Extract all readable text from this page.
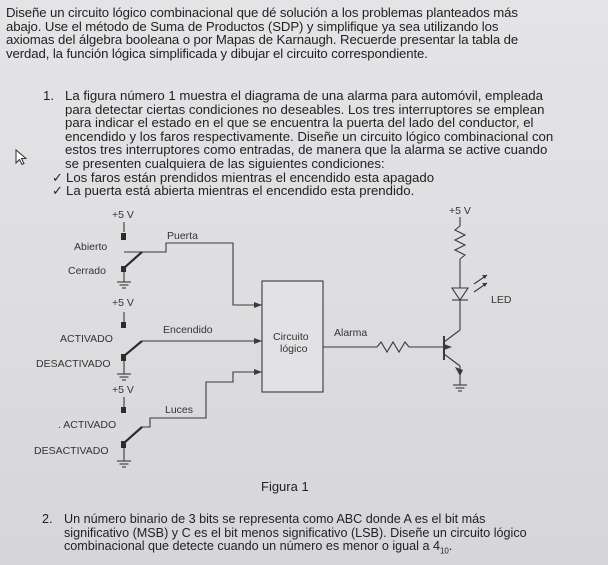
Diseñe un circuito lógico combinacional que dé solución a los problemas planteados más
abajo. Use el método de Suma de Productos (SDP) y simplifique ya sea utilizando los
axiomas del álgebra booleana o por Mapas de Karnaugh. Recuerde presentar la tabla de
verdad, la función lógica simplificada y dibujar el circuito correspondiente.
1. La figura número 1 muestra el diagrama de una alarma para automóvil, empleada
para detectar ciertas condiciones no deseables. Los tres interruptores se emplean
para indicar el estado en el que se encuentra la puerta del lado del conductor, el
encendido y los faros respectivamente. Diseñe un circuito lógico combinacional con
estos tres interruptores como entradas, de manera que la alarma se active cuando
se presenten cualquiera de las siguientes condiciones:
✓ Los faros están prendidos mientras el encendido esta apagado
✓ La puerta está abierta mientras el encendido esta prendido.
+5 V
+5 V
+5 V
+5 V
Abierto
Cerrado
Puerta
ACTIVADO
DESACTIVADO
Encendido
. ACTIVADO
DESACTIVADO
Luces
Circuito
lógico
Alarma
LED
Figura 1
2. Un número binario de 3 bits se representa como ABC donde A es el bit más
significativo (MSB) y C es el bit menos significativo (LSB). Diseñe un circuito lógico
combinacional que detecte cuando un número es menor o igual a $4_{10}$.
